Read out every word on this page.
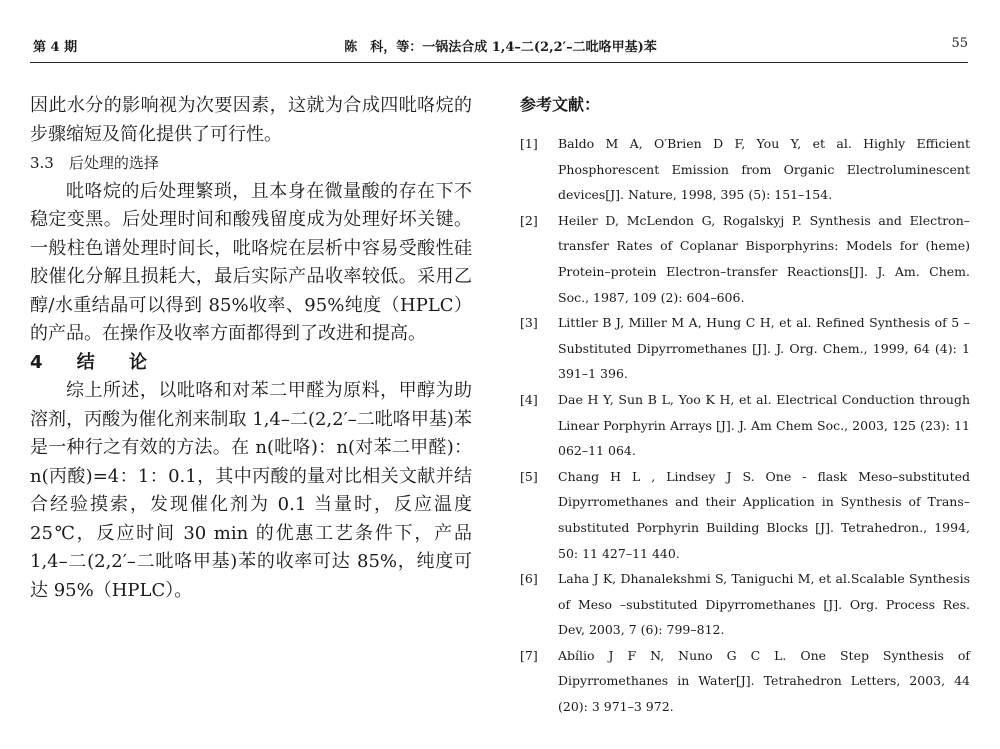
第 4 期	陈　科，等：一锅法合成 1,4–二(2,2′–二吡咯甲基)苯	55

因此水分的影响视为次要因素，这就为合成四吡咯烷的步骤缩短及简化提供了可行性。

3.3　后处理的选择

吡咯烷的后处理繁琐，且本身在微量酸的存在下不稳定变黑。后处理时间和酸残留度成为处理好坏关键。一般柱色谱处理时间长，吡咯烷在层析中容易受酸性硅胶催化分解且损耗大，最后实际产品收率较低。采用乙醇/水重结晶可以得到 85%收率、95%纯度（HPLC）的产品。在操作及收率方面都得到了改进和提高。

4 结 论

综上所述，以吡咯和对苯二甲醛为原料，甲醇为助溶剂，丙酸为催化剂来制取 1,4–二(2,2′–二吡咯甲基)苯是一种行之有效的方法。在 n(吡咯)：n(对苯二甲醛)：n(丙酸)=4：1：0.1，其中丙酸的量对比相关文献并结合经验摸索，发现催化剂为 0.1 当量时，反应温度 25℃，反应时间 30 min 的优惠工艺条件下，产品 1,4–二(2,2′–二吡咯甲基)苯的收率可达 85%，纯度可达 95%（HPLC）。

参考文献：

[1] Baldo M A, O′Brien D F, You Y, et al. Highly Efficient Phosphorescent Emission from Organic Electroluminescent devices[J]. Nature, 1998, 395 (5): 151–154.
[2] Heiler D, McLendon G, Rogalskyj P. Synthesis and Electron–transfer Rates of Coplanar Bisporphyrins: Models for (heme) Protein–protein Electron–transfer Reactions[J]. J. Am. Chem. Soc., 1987, 109 (2): 604–606.
[3] Littler B J, Miller M A, Hung C H, et al. Refined Synthesis of 5 –Substituted Dipyrromethanes [J]. J. Org. Chem., 1999, 64 (4): 1 391–1 396.
[4] Dae H Y, Sun B L, Yoo K H, et al. Electrical Conduction through Linear Porphyrin Arrays [J]. J. Am Chem Soc., 2003, 125 (23): 11 062–11 064.
[5] Chang H L , Lindsey J S. One - flask Meso–substituted Dipyrromethanes and their Application in Synthesis of Trans–substituted Porphyrin Building Blocks [J]. Tetrahedron., 1994, 50: 11 427–11 440.
[6] Laha J K, Dhanalekshmi S, Taniguchi M, et al.Scalable Synthesis of Meso –substituted Dipyrromethanes [J]. Org. Process Res. Dev, 2003, 7 (6): 799–812.
[7] Abílio J F N, Nuno G C L. One Step Synthesis of Dipyrromethanes in Water[J]. Tetrahedron Letters, 2003, 44 (20): 3 971–3 972.
